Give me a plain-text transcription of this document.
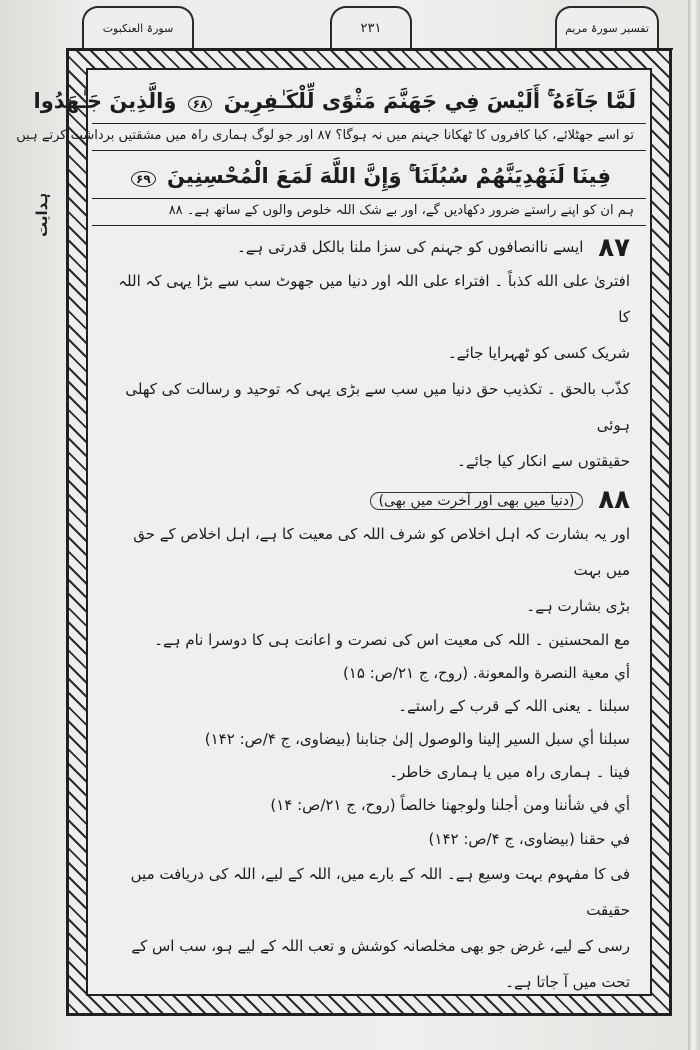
سورۃ العنکبوت	۲۳۱	تفسیر سورۃ مریم
ہدایت
لَمَّا جَآءَهُ ۚ أَلَيْسَ فِي جَهَنَّمَ مَثْوًى لِّلْكَـٰفِرِينَ ۶۸ وَالَّذِينَ جَـٰهَدُوا
تو اسے جھٹلائے، کیا کافروں کا ٹھکانا جہنم میں نہ ہوگا؟ ۸۷ اور جو لوگ ہماری راہ میں مشقتیں برداشت کرتے ہیں
فِينَا لَنَهْدِيَنَّهُمْ سُبُلَنَا ۚ وَإِنَّ اللَّهَ لَمَعَ الْمُحْسِنِينَ ۶۹
ہم ان کو اپنے راستے ضرور دکھادیں گے، اور بے شک اللہ خلوص والوں کے ساتھ ہے۔ ۸۸
۸۷ ایسے ناانصافوں کو جہنم کی سزا ملنا بالکل قدرتی ہے۔
افترىٰ على الله كذباً ۔ افتراء علی اللہ اور دنیا میں جھوٹ سب سے بڑا یہی کہ اللہ کا
شریک کسی کو ٹھہرایا جائے۔
كذّب بالحق ۔ تکذیب حق دنیا میں سب سے بڑی یہی کہ توحید و رسالت کی کھلی ہوئی
حقیقتوں سے انکار کیا جائے۔
۸۸ (دنیا میں بھی اور آخرت میں بھی)
اور یہ بشارت کہ اہل اخلاص کو شرف اللہ کی معیت کا ہے، اہل اخلاص کے حق میں بہت
بڑی بشارت ہے۔
مع المحسنين ۔ اللہ کی معیت اس کی نصرت و اعانت ہی کا دوسرا نام ہے۔
أي معية النصرة والمعونة. (روح، ج ۲۱/ص: ۱۵)
سبلنا ۔ یعنی اللہ کے قرب کے راستے۔
سبلنا أي سبل السير إلينا والوصول إلىٰ جنابنا (بیضاوی، ج ۴/ص: ۱۴۲)
فینا ۔ ہماری راہ میں یا ہماری خاطر۔
أي في شأننا ومن أجلنا ولوجهنا خالصاً (روح، ج ۲۱/ص: ۱۴)
في حقنا (بیضاوی، ج ۴/ص: ۱۴۲)
فی کا مفہوم بہت وسیع ہے۔ اللہ کے بارے میں، اللہ کے لیے، اللہ کی دریافت میں حقیقت
رسی کے لیے، غرض جو بھی مخلصانہ کوشش و تعب اللہ کے لیے ہو، سب اس کے تحت میں آ جاتا ہے۔
